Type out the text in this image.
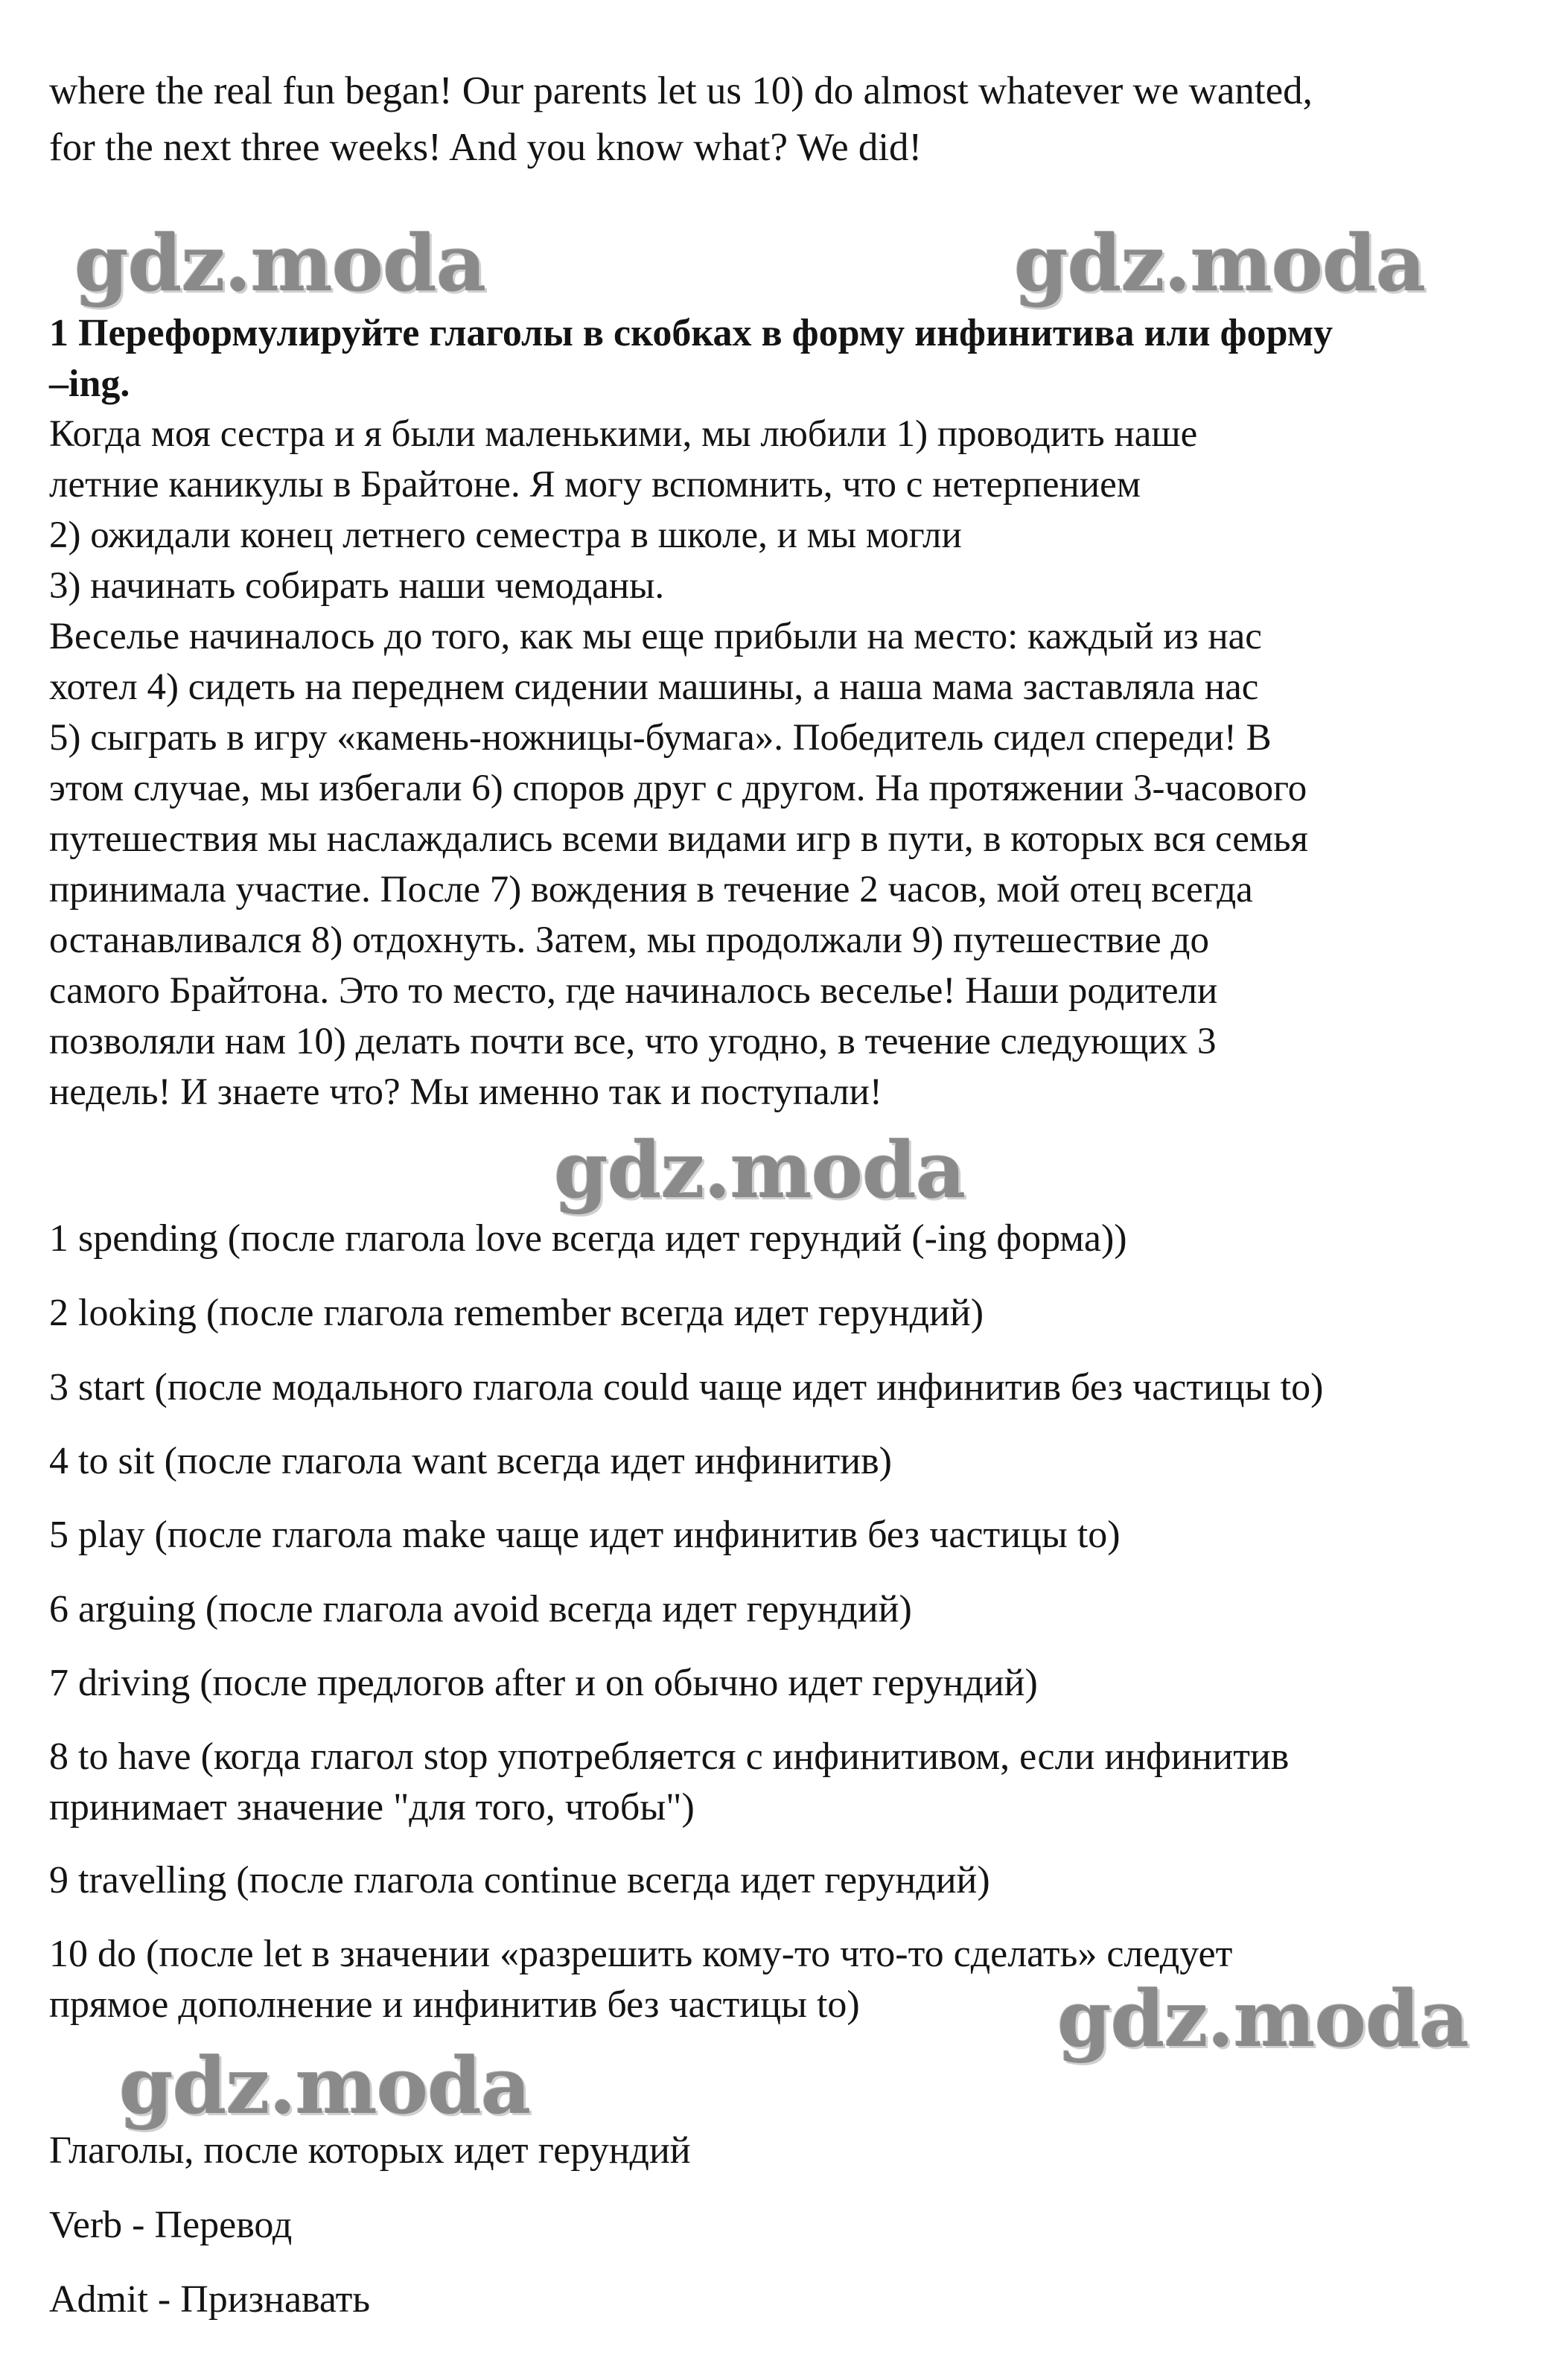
where the real fun began! Our parents let us 10) do almost whatever we wanted,
for the next three weeks! And you know what? We did!
gdz.moda	gdz.moda
1 Переформулируйте глаголы в скобках в форму инфинитива или форму
–ing.
Когда моя сестра и я были маленькими, мы любили 1) проводить наше
летние каникулы в Брайтоне. Я могу вспомнить, что с нетерпением
2) ожидали конец летнего семестра в школе, и мы могли
3) начинать собирать наши чемоданы.
Веселье начиналось до того, как мы еще прибыли на место: каждый из нас
хотел 4) сидеть на переднем сидении машины, а наша мама заставляла нас
5) сыграть в игру «камень-ножницы-бумага». Победитель сидел спереди! В
этом случае, мы избегали 6) споров друг с другом. На протяжении 3-часового
путешествия мы наслаждались всеми видами игр в пути, в которых вся семья
принимала участие. После 7) вождения в течение 2 часов, мой отец всегда
останавливался 8) отдохнуть. Затем, мы продолжали 9) путешествие до
самого Брайтона. Это то место, где начиналось веселье! Наши родители
позволяли нам 10) делать почти все, что угодно, в течение следующих 3
недель! И знаете что? Мы именно так и поступали!
gdz.moda
1 spending (после глагола love всегда идет герундий (-ing форма))
2 looking (после глагола remember всегда идет герундий)
3 start (после модального глагола could чаще идет инфинитив без частицы to)
4 to sit (после глагола want всегда идет инфинитив)
5 play (после глагола make чаще идет инфинитив без частицы to)
6 arguing (после глагола avoid всегда идет герундий)
7 driving (после предлогов after и on обычно идет герундий)
8 to have (когда глагол stop употребляется с инфинитивом, если инфинитив
принимает значение "для того, чтобы")
9 travelling (после глагола continue всегда идет герундий)
10 do (после let в значении «разрешить кому-то что-то сделать» следует
прямое дополнение и инфинитив без частицы to)	gdz.moda
gdz.moda
Глаголы, после которых идет герундий
Verb - Перевод
Admit - Признавать
